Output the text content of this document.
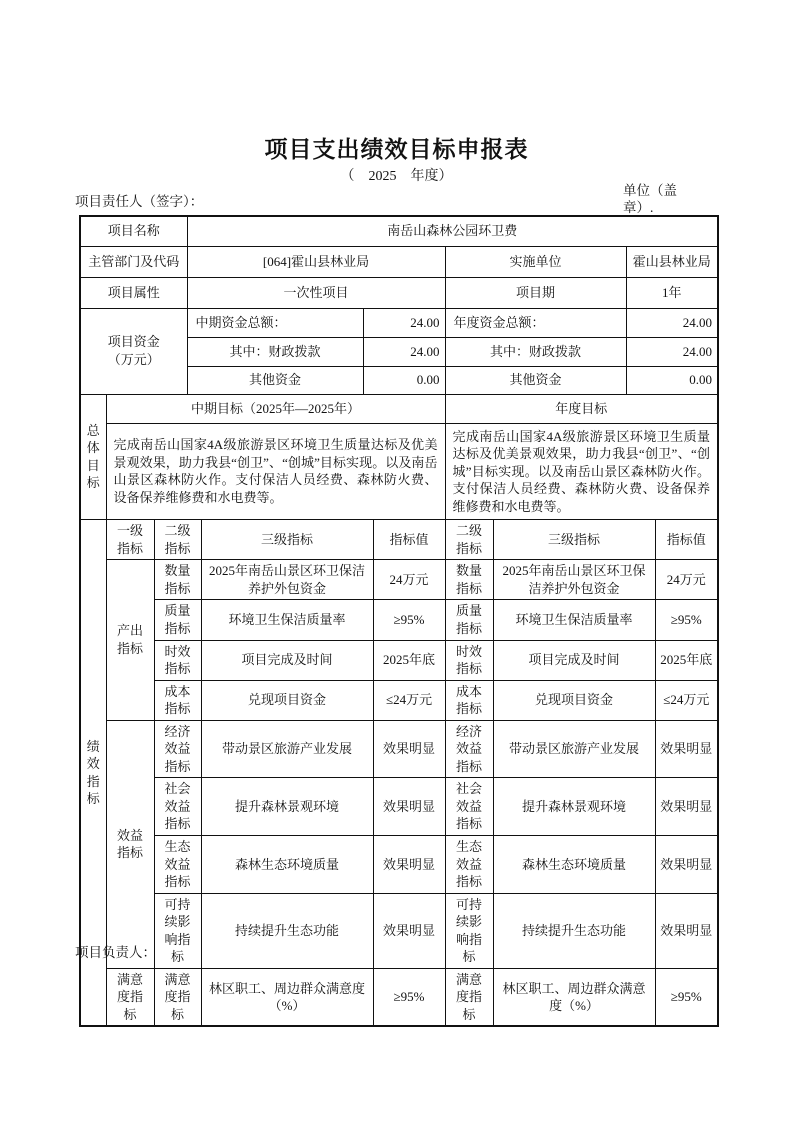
项目支出绩效目标申报表
（　2025　年度）
项目责任人（签字）：
单位（盖章）.
项目名称			南岳山森林公园环卫费							
主管部门及代码			[064]霍山县林业局				实施单位		霍山县林业局	
项目属性			一次性项目				项目期		1年	

项目资金
（万元）			中期资金总额：		24.00		年度资金总额：		24.00	
			其中：财政拨款		24.00		其中：财政拨款		24.00	
			其他资金		0.00		其他资金		0.00	
总体目标	中期目标（2025年—2025年）						年度目标			
	完成南岳山国家4A级旅游景区环境卫生质量达标及优美景观效果，助力我县“创卫”、“创城”目标实现。以及南岳山景区森林防火作。支付保洁人员经费、森林防火费、设备保养维修费和水电费等。						完成南岳山国家4A级旅游景区环境卫生质量达标及优美景观效果，助力我县“创卫”、“创城”目标实现。以及南岳山景区森林防火作。支付保洁人员经费、森林防火费、设备保养维修费和水电费等。			
绩效指标	一级指标	二级指标		三级指标		指标值	二级指标	三级指标		指标值
	产出指标	数量指标		2025年南岳山景区环卫保洁养护外包资金		24万元	数量指标	2025年南岳山景区环卫保洁养护外包资金		24万元
		质量指标		环境卫生保洁质量率		≥95%	质量指标	环境卫生保洁质量率		≥95%
		时效指标		项目完成及时间		2025年底	时效指标	项目完成及时间		2025年底
		成本指标		兑现项目资金		≤24万元	成本指标	兑现项目资金		≤24万元
	效益指标	经济效益指标		带动景区旅游产业发展		效果明显	经济效益指标	带动景区旅游产业发展		效果明显
		社会效益指标		提升森林景观环境		效果明显	社会效益指标	提升森林景观环境		效果明显
		生态效益指标		森林生态环境质量		效果明显	生态效益指标	森林生态环境质量		效果明显
		可持续影响指标		持续提升生态功能		效果明显	可持续影响指标	持续提升生态功能		效果明显
	满意度指标	满意度指标		林区职工、周边群众满意度（%）		≥95%	满意度指标	林区职工、周边群众满意度（%）		≥95%
项目负责人：
